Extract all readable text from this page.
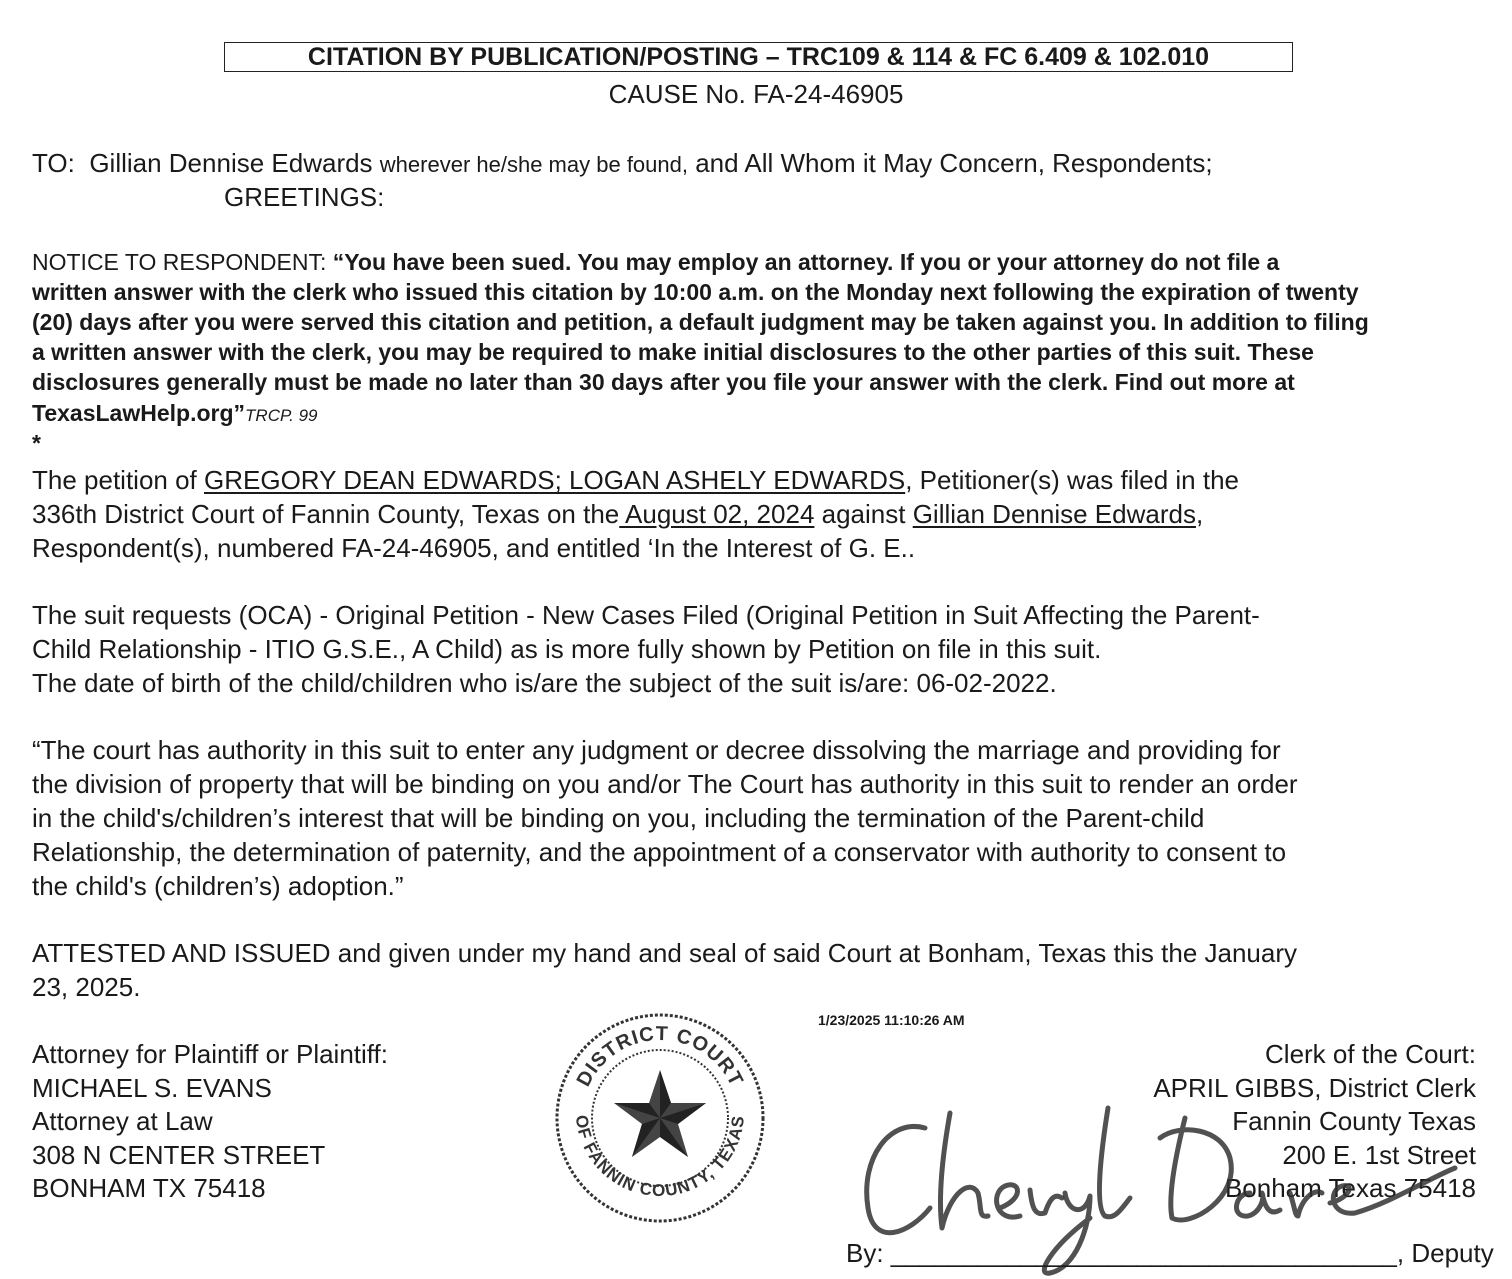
CITATION BY PUBLICATION/POSTING – TRC109 & 114 & FC 6.409 & 102.010
CAUSE No. FA-24-46905
TO: Gillian Dennise Edwards wherever he/she may be found, and All Whom it May Concern, Respondents;
GREETINGS:
NOTICE TO RESPONDENT: “You have been sued. You may employ an attorney. If you or your attorney do not file a
written answer with the clerk who issued this citation by 10:00 a.m. on the Monday next following the expiration of twenty
(20) days after you were served this citation and petition, a default judgment may be taken against you. In addition to filing
a written answer with the clerk, you may be required to make initial disclosures to the other parties of this suit. These
disclosures generally must be made no later than 30 days after you file your answer with the clerk. Find out more at
TexasLawHelp.org”TRCP. 99
*
The petition of GREGORY DEAN EDWARDS; LOGAN ASHELY EDWARDS, Petitioner(s) was filed in the
336th District Court of Fannin County, Texas on the August 02, 2024 against Gillian Dennise Edwards,
Respondent(s), numbered FA-24-46905, and entitled ‘In the Interest of G. E..
The suit requests (OCA) - Original Petition - New Cases Filed (Original Petition in Suit Affecting the Parent-
Child Relationship - ITIO G.S.E., A Child) as is more fully shown by Petition on file in this suit.
The date of birth of the child/children who is/are the subject of the suit is/are: 06-02-2022.
“The court has authority in this suit to enter any judgment or decree dissolving the marriage and providing for
the division of property that will be binding on you and/or The Court has authority in this suit to render an order
in the child's/children’s interest that will be binding on you, including the termination of the Parent-child
Relationship, the determination of paternity, and the appointment of a conservator with authority to consent to
the child's (children’s) adoption.”
ATTESTED AND ISSUED and given under my hand and seal of said Court at Bonham, Texas this the January
23, 2025.
Attorney for Plaintiff or Plaintiff:
MICHAEL S. EVANS
Attorney at Law
308 N CENTER STREET
BONHAM TX 75418
DISTRICT COURT
OF FANNIN COUNTY, TEXAS
1/23/2025 11:10:26 AM
Clerk of the Court:
APRIL GIBBS, District Clerk
Fannin County Texas
200 E. 1st Street
Bonham Texas 75418
By: ___________________________________, Deputy
